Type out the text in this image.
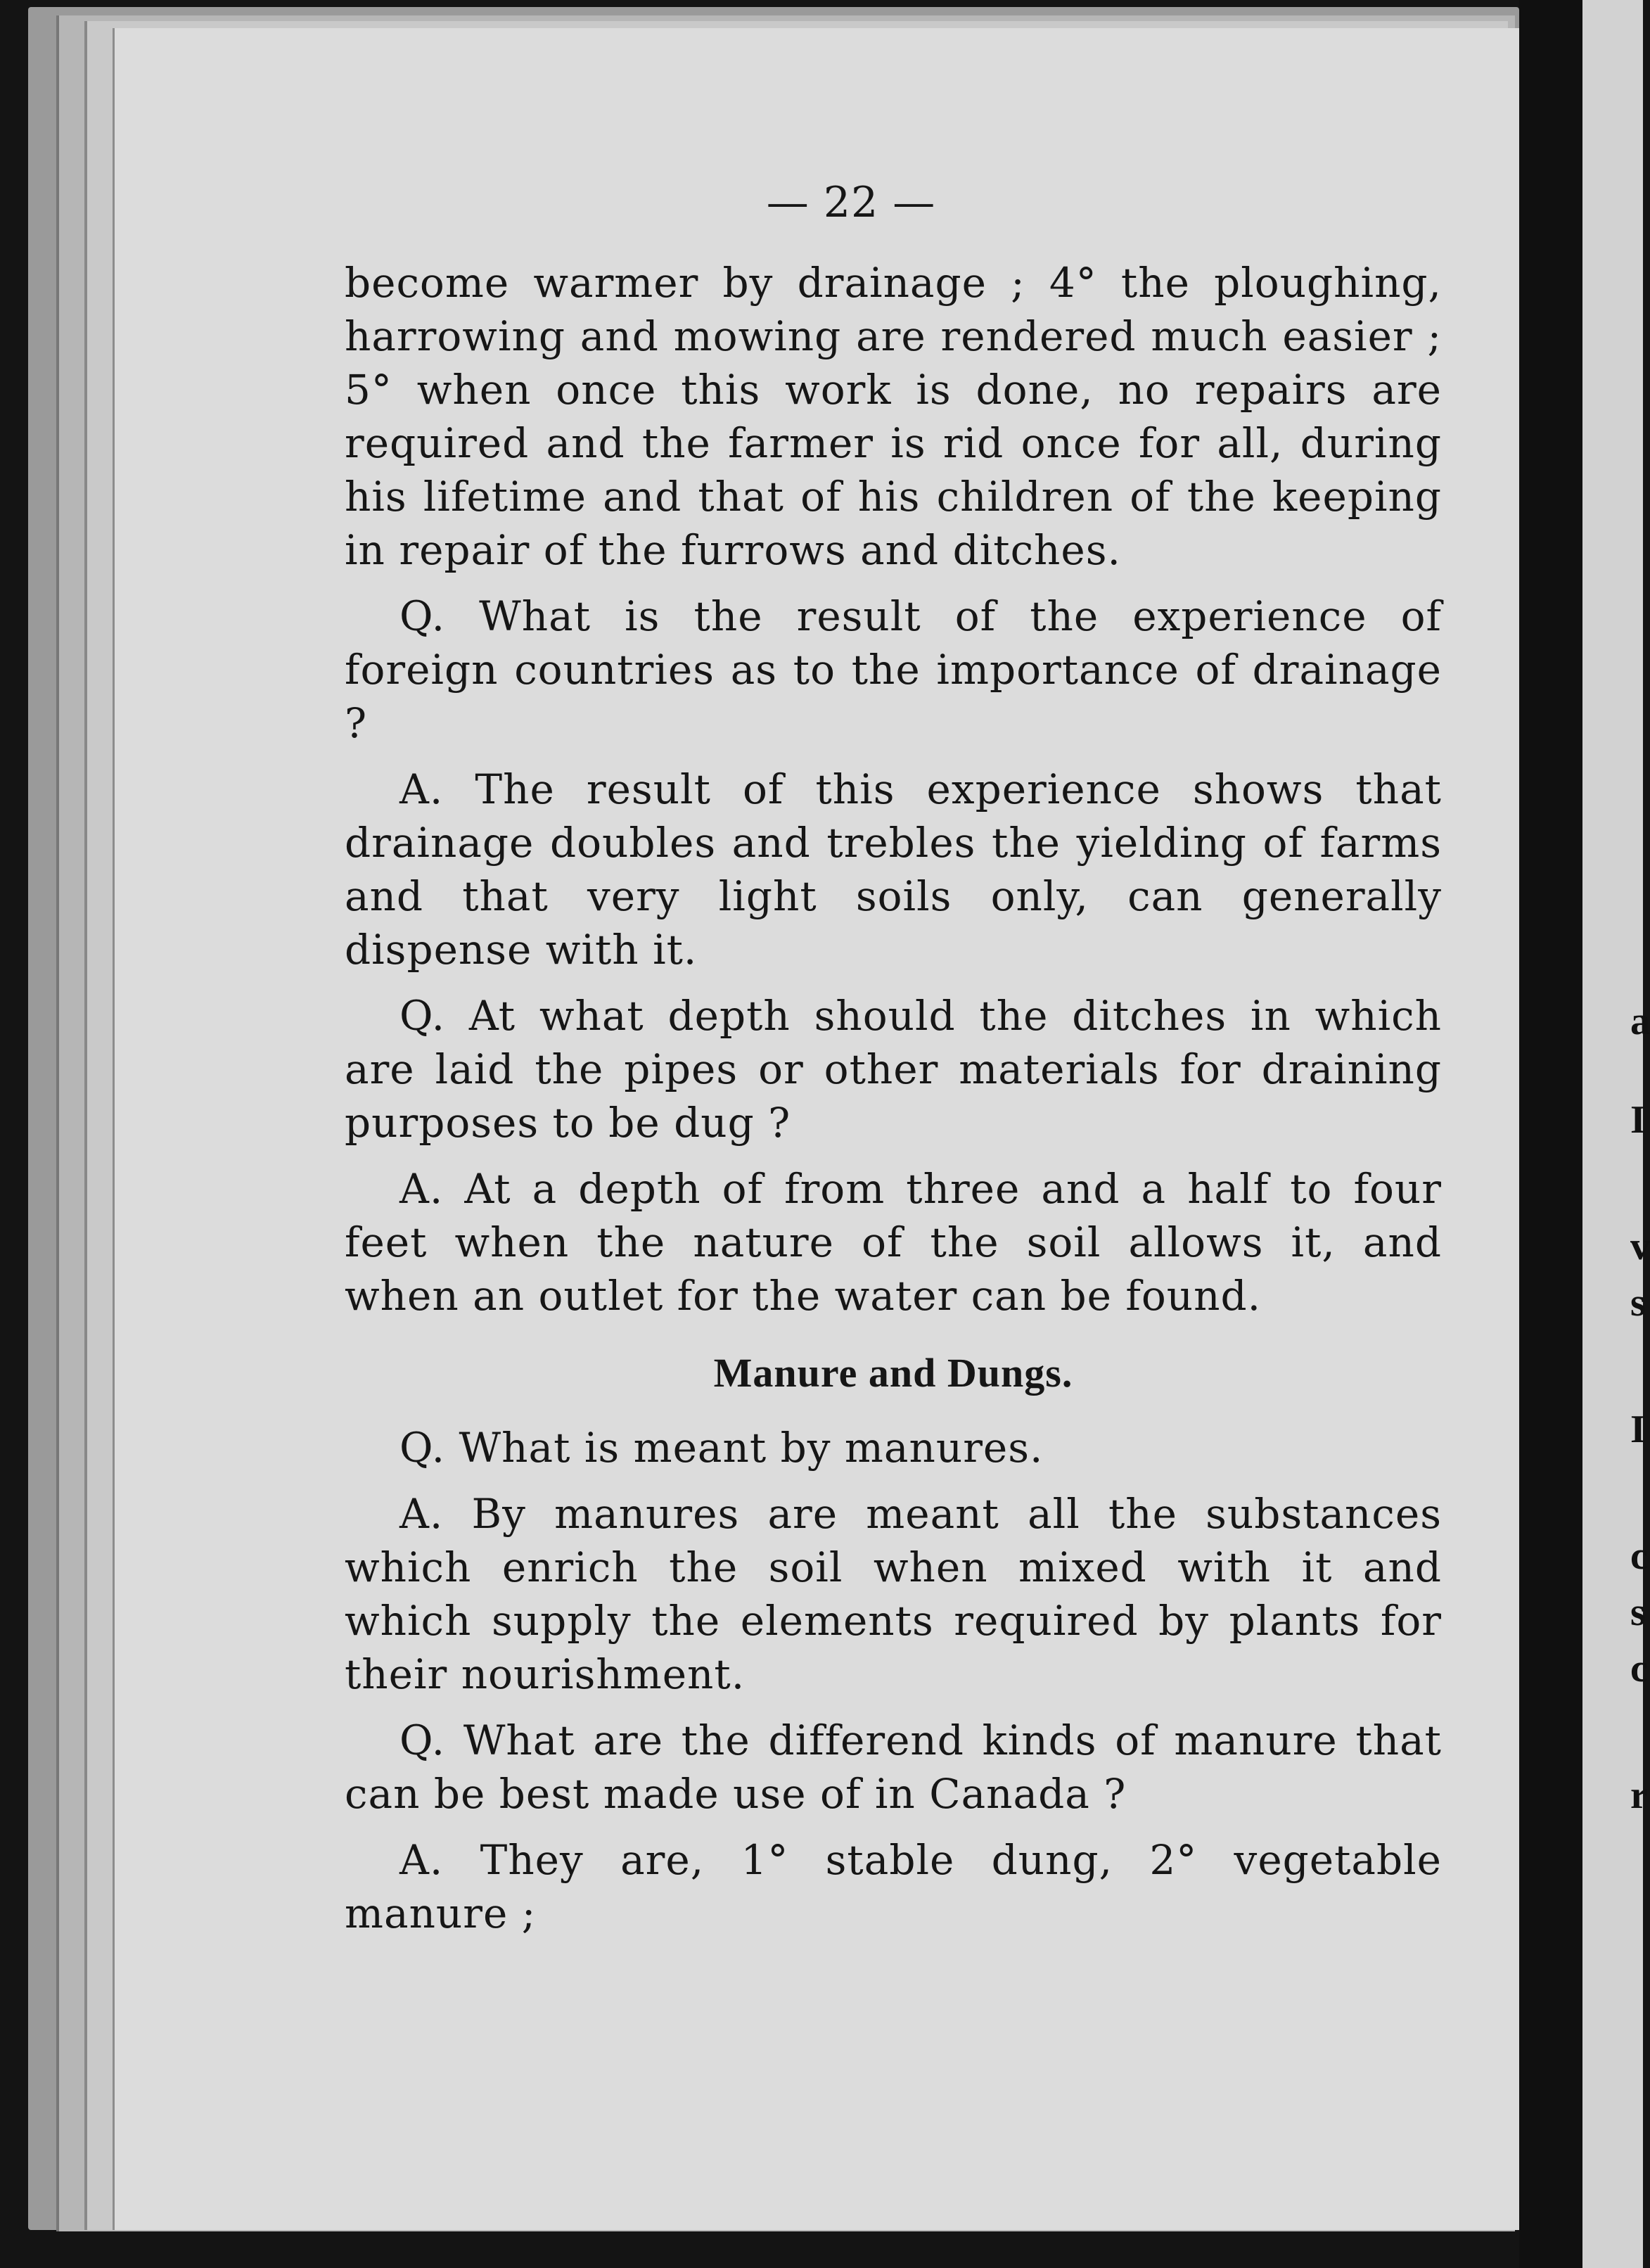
a
I
v
s
I
c
s
c
r
— 22 —

become warmer by drainage ; 4° the ploughing, harrowing and mowing are rendered much easier ; 5° when once this work is done, no repairs are required and the farmer is rid once for all, during his lifetime and that of his children of the keeping in repair of the furrows and ditches.

Q. What is the result of the experience of foreign countries as to the importance of drainage ?

A. The result of this experience shows that drainage doubles and trebles the yielding of farms and that very light soils only, can generally dispense with it.

Q. At what depth should the ditches in which are laid the pipes or other materials for draining purposes to be dug ?

A. At a depth of from three and a half to four feet when the nature of the soil allows it, and when an outlet for the water can be found.

Manure and Dungs.

Q. What is meant by manures.

A. By manures are meant all the substances which enrich the soil when mixed with it and which supply the elements required by plants for their nourishment.

Q. What are the differend kinds of manure that can be best made use of in Canada ?

A. They are, 1° stable dung, 2° vegetable manure ;
